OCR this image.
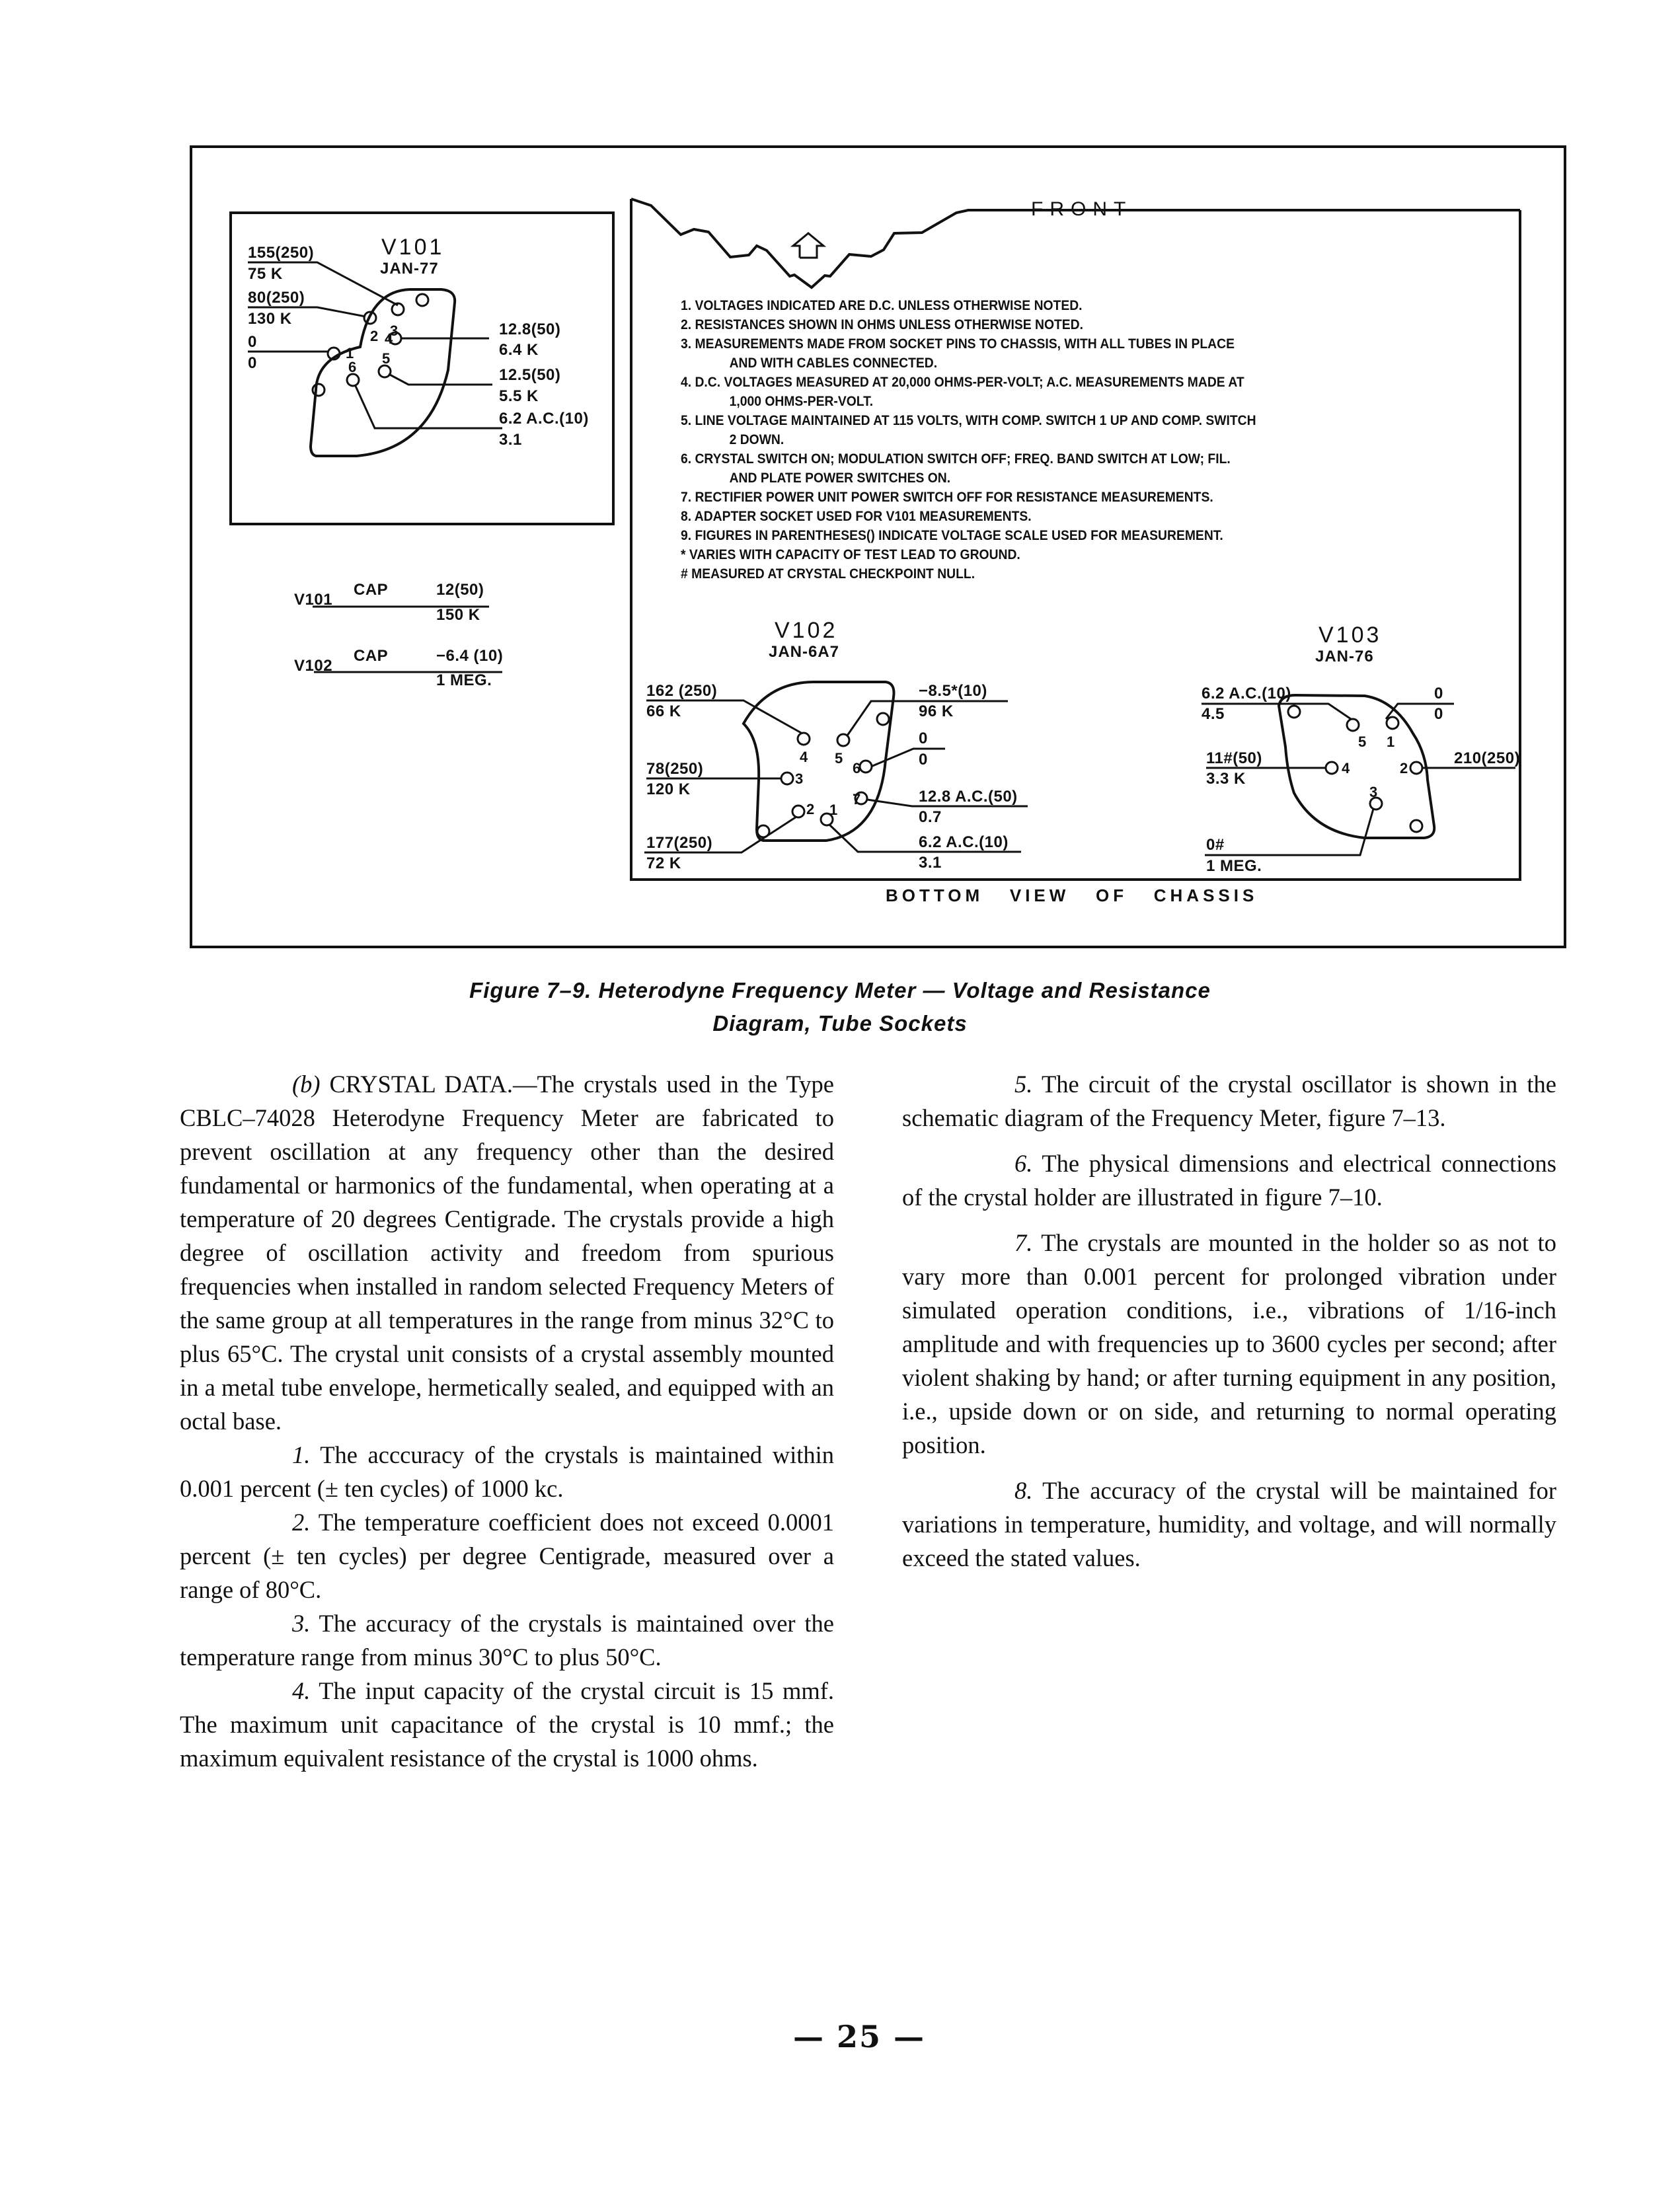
V101
JAN-77
155(250)
75 K
80(250)
130 K
0
0
12.8(50)
6.4 K
12.5(50)
5.5 K
6.2 A.C.(10)
3.1
3
2
1 5
6
4
V101
CAP	12(50)
150 K
V102
CAP	−6.4 (10)
1 MEG.
FRONT
1. VOLTAGES INDICATED ARE D.C. UNLESS OTHERWISE NOTED.
2. RESISTANCES SHOWN IN OHMS UNLESS OTHERWISE NOTED.
3. MEASUREMENTS MADE FROM SOCKET PINS TO CHASSIS, WITH ALL TUBES IN PLACE
AND WITH CABLES CONNECTED.
4. D.C. VOLTAGES MEASURED AT 20,000 OHMS-PER-VOLT; A.C. MEASUREMENTS MADE AT
1,000 OHMS-PER-VOLT.
5. LINE VOLTAGE MAINTAINED AT 115 VOLTS, WITH COMP. SWITCH 1 UP AND COMP. SWITCH
2 DOWN.
6. CRYSTAL SWITCH ON; MODULATION SWITCH OFF; FREQ. BAND SWITCH AT LOW; FIL.
AND PLATE POWER SWITCHES ON.
7. RECTIFIER POWER UNIT POWER SWITCH OFF FOR RESISTANCE MEASUREMENTS.
8. ADAPTER SOCKET USED FOR V101 MEASUREMENTS.
9. FIGURES IN PARENTHESES() INDICATE VOLTAGE SCALE USED FOR MEASUREMENT.
* VARIES WITH CAPACITY OF TEST LEAD TO GROUND.
# MEASURED AT CRYSTAL CHECKPOINT NULL.
V102
JAN-6A7
162 (250)
66 K
78(250)
120 K
177(250)
72 K
−8.5*(10)
96 K
0
0
12.8 A.C.(50)
0.7
6.2 A.C.(10)
3.1
4 5
6
3
7
2 1
V103
JAN-76
6.2 A.C.(10)
4.5
11#(50)
3.3 K
0#
1 MEG.
0
0
210(250)
5 1
4	2
3
BOTTOM   VIEW   OF   CHASSIS
Figure 7–9. Heterodyne Frequency Meter — Voltage and Resistance
Diagram, Tube Sockets

(b) CRYSTAL DATA.—The crystals used in the Type CBLC–74028 Heterodyne Frequency Meter are fabricated to prevent oscillation at any frequency other than the desired fundamental or harmonics of the fundamental, when operating at a temperature of 20 degrees Centigrade. The crystals provide a high degree of oscillation activity and freedom from spurious frequencies when installed in random selected Frequency Meters of the same group at all temperatures in the range from minus 32°C to plus 65°C. The crystal unit consists of a crystal assembly mounted in a metal tube envelope, hermetically sealed, and equipped with an octal base.

1. The acccuracy of the crystals is maintained within 0.001 percent (± ten cycles) of 1000 kc.

2. The temperature coefficient does not exceed 0.0001 percent (± ten cycles) per degree Centigrade, measured over a range of 80°C.

3. The accuracy of the crystals is maintained over the temperature range from minus 30°C to plus 50°C.

4. The input capacity of the crystal circuit is 15 mmf. The maximum unit capacitance of the crystal is 10 mmf.; the maximum equivalent resistance of the crystal is 1000 ohms.

5. The circuit of the crystal oscillator is shown in the schematic diagram of the Frequency Meter, figure 7–13.

6. The physical dimensions and electrical connections of the crystal holder are illustrated in figure 7–10.

7. The crystals are mounted in the holder so as not to vary more than 0.001 percent for prolonged vibration under simulated operation conditions, i.e., vibrations of 1/16-inch amplitude and with frequencies up to 3600 cycles per second; after violent shaking by hand; or after turning equipment in any position, i.e., upside down or on side, and returning to normal operating position.

8. The accuracy of the crystal will be maintained for variations in temperature, humidity, and voltage, and will normally exceed the stated values.

— 25 —
